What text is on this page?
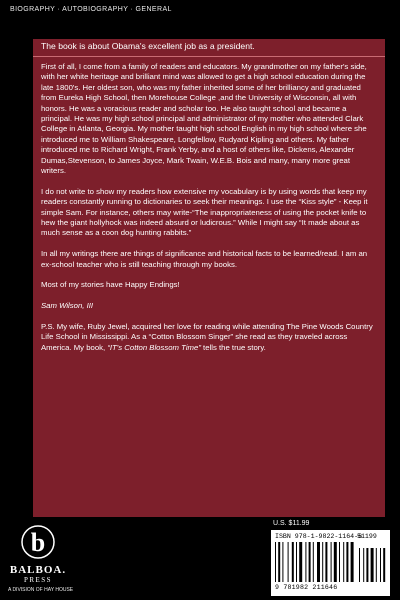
BIOGRAPHY · AUTOBIOGRAPHY · GENERAL
The book is about Obama's excellent job as a president.

First of all, I come from a family of readers and educators. My grandmother on my father's side, with her white heritage and brilliant mind was allowed to get a high school education during the late 1800's. Her oldest son, who was my father inherited some of her brilliancy and graduated from Eureka High School, then Morehouse College ,and the University of Wisconsin, all with honors. He was a voracious reader and scholar too. He also taught school and became a principal. He was my high school principal and administrator of my mother who attended Clark College in Atlanta, Georgia. My mother taught high school English in my high school where she introduced me to William Shakespeare, Longfellow, Rudyard Kipling and others. My father introduced me to Richard Wright, Frank Yerby, and a host of others like, Dickens, Alexander Dumas,Stevenson, to James Joyce, Mark Twain, W.E.B. Bois and many, many more great writers.

I do not write to show my readers how extensive my vocabulary is by using words that keep my readers constantly running to dictionaries to seek their meanings. I use the “Kiss style” - Keep it simple Sam. For instance, others may write-“The inappropriateness of using the pocket knife to hew the giant hollyhock was indeed absurd or ludicrous.” While I might say “It made about as much sense as a coon dog hunting rabbits.”

In all my writings there are things of significance and historical facts to be learned/read. I am an ex-school teacher who is still teaching through my books.

Most of my stories have Happy Endings!

Sam Wilson, III

P.S. My wife, Ruby Jewel, acquired her love for reading while attending The Pine Woods Country Life School in Mississippi. As a “Cotton Blossom Singer” she read as they traveled across America. My book, “IT's Cotton Blossom Time” tells the true story.

b
BALBOA.
PRESS
A DIVISION OF HAY HOUSE
U.S. $11.99
ISBN 978-1-9822-1164-6
51199
9 781982 211646
